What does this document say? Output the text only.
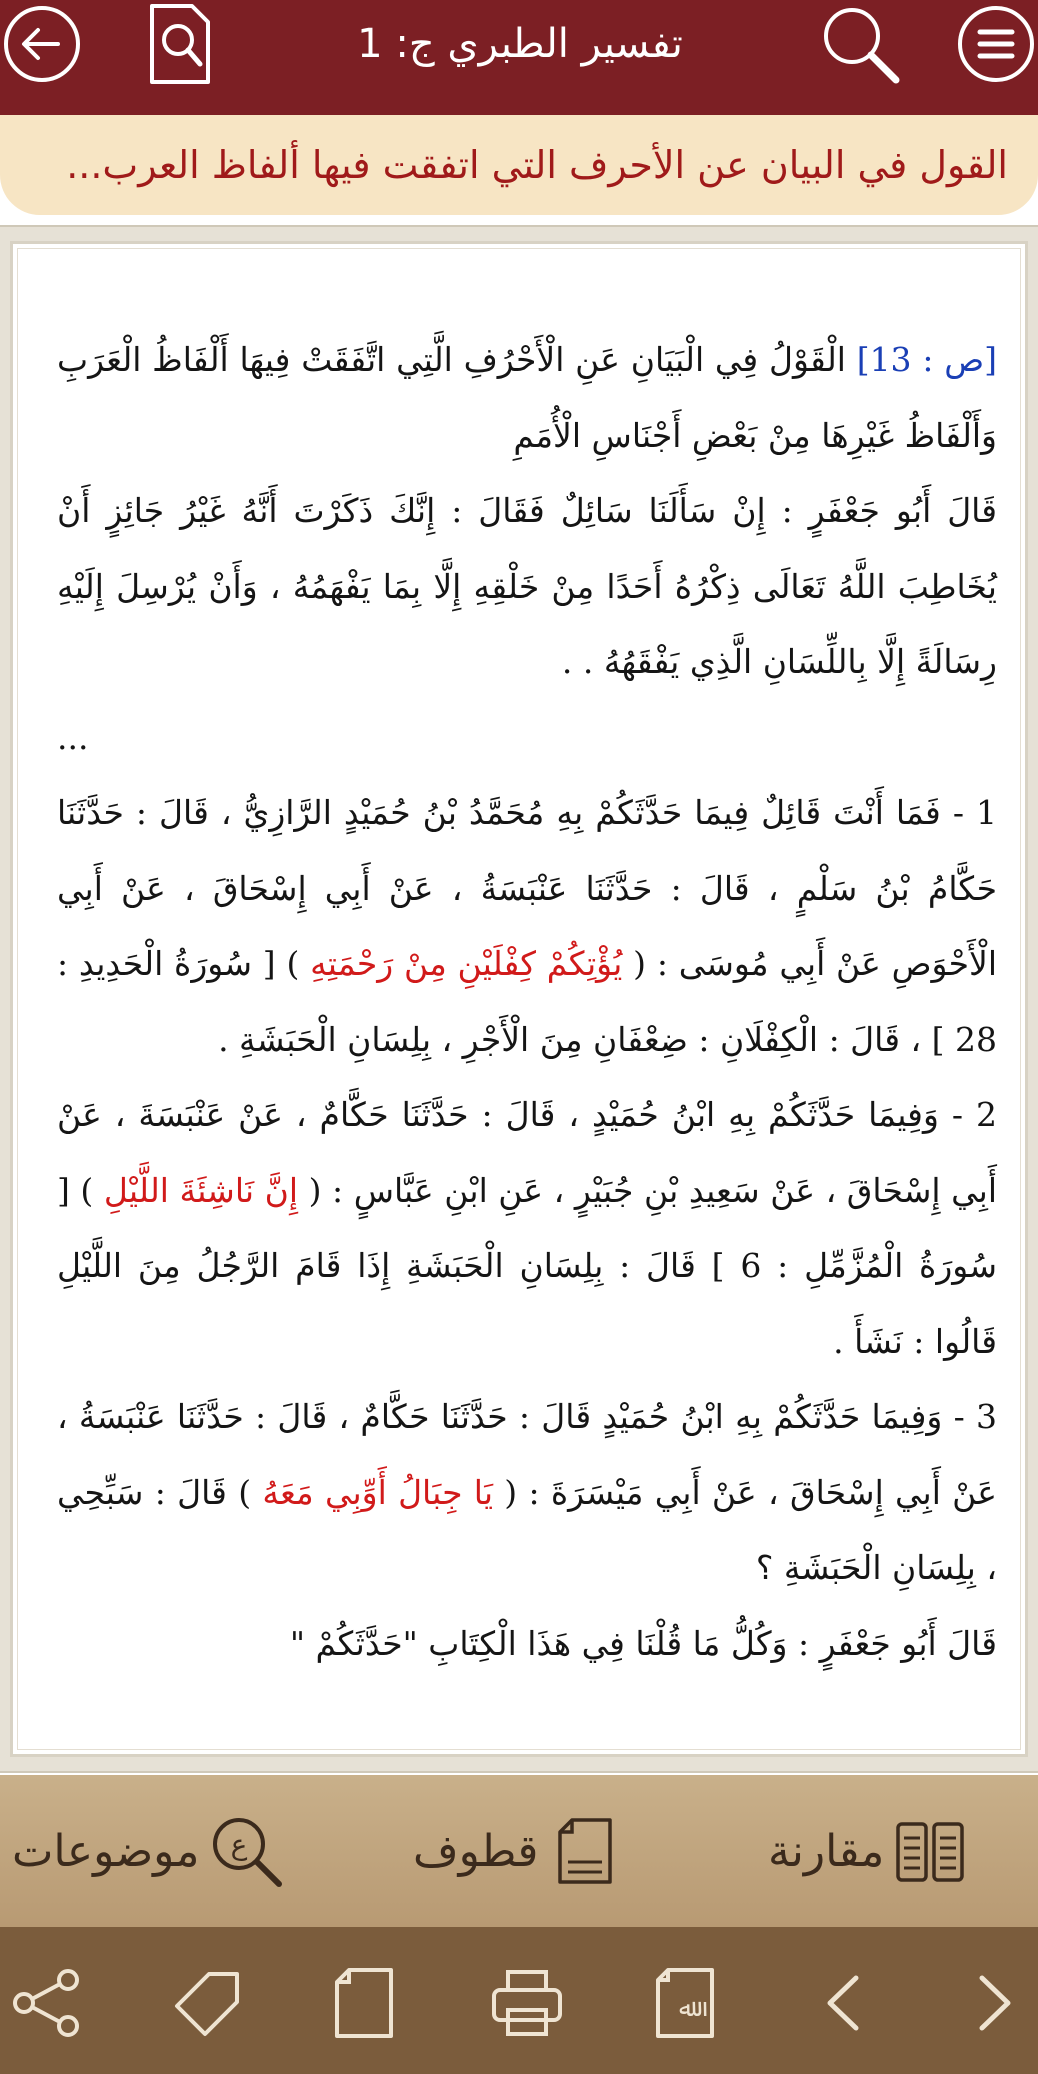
تفسير الطبري ج: 1
القول في البيان عن الأحرف التي اتفقت فيها ألفاظ العرب...

[ص : 13] الْقَوْلُ فِي الْبَيَانِ عَنِ الْأَحْرُفِ الَّتِي اتَّفَقَتْ فِيهَا أَلْفَاظُ الْعَرَبِ وَأَلْفَاظُ غَيْرِهَا مِنْ بَعْضِ أَجْنَاسِ الْأُمَمِ

قَالَ أَبُو جَعْفَرٍ : إِنْ سَأَلَنَا سَائِلٌ فَقَالَ : إِنَّكَ ذَكَرْتَ أَنَّهُ غَيْرُ جَائِزٍ أَنْ يُخَاطِبَ اللَّهُ تَعَالَى ذِكْرُهُ أَحَدًا مِنْ خَلْقِهِ إِلَّا بِمَا يَفْهَمُهُ ، وَأَنْ يُرْسِلَ إِلَيْهِ رِسَالَةً إِلَّا بِاللِّسَانِ الَّذِي يَفْقَهُهُ . .

...

1 - فَمَا أَنْتَ قَائِلٌ فِيمَا حَدَّثَكُمْ بِهِ مُحَمَّدُ بْنُ حُمَيْدٍ الرَّازِيُّ ، قَالَ : حَدَّثَنَا حَكَّامُ بْنُ سَلْمٍ ، قَالَ : حَدَّثَنَا عَنْبَسَةُ ، عَنْ أَبِي إِسْحَاقَ ، عَنْ أَبِي الْأَحْوَصِ عَنْ أَبِي مُوسَى : ( يُؤْتِكُمْ كِفْلَيْنِ مِنْ رَحْمَتِهِ ) [ سُورَةُ الْحَدِيدِ : 28 ] ، قَالَ : الْكِفْلَانِ : ضِعْفَانِ مِنَ الْأَجْرِ ، بِلِسَانِ الْحَبَشَةِ .

2 - وَفِيمَا حَدَّثَكُمْ بِهِ ابْنُ حُمَيْدٍ ، قَالَ : حَدَّثَنَا حَكَّامٌ ، عَنْ عَنْبَسَةَ ، عَنْ أَبِي إِسْحَاقَ ، عَنْ سَعِيدِ بْنِ جُبَيْرٍ ، عَنِ ابْنِ عَبَّاسٍ : ( إِنَّ نَاشِئَةَ اللَّيْلِ ) [ سُورَةُ الْمُزَّمِّلِ : 6 ] قَالَ : بِلِسَانِ الْحَبَشَةِ إِذَا قَامَ الرَّجُلُ مِنَ اللَّيْلِ قَالُوا : نَشَأَ .

3 - وَفِيمَا حَدَّثَكُمْ بِهِ ابْنُ حُمَيْدٍ قَالَ : حَدَّثَنَا حَكَّامٌ ، قَالَ : حَدَّثَنَا عَنْبَسَةُ ، عَنْ أَبِي إِسْحَاقَ ، عَنْ أَبِي مَيْسَرَةَ : ( يَا جِبَالُ أَوِّبِي مَعَهُ ) قَالَ : سَبِّحِي ، بِلِسَانِ الْحَبَشَةِ ؟

قَالَ أَبُو جَعْفَرٍ : وَكُلُّ مَا قُلْنَا فِي هَذَا الْكِتَابِ "حَدَّثَكُمْ "

مقارنة
قطوف
ع
موضوعات
ﷲ
